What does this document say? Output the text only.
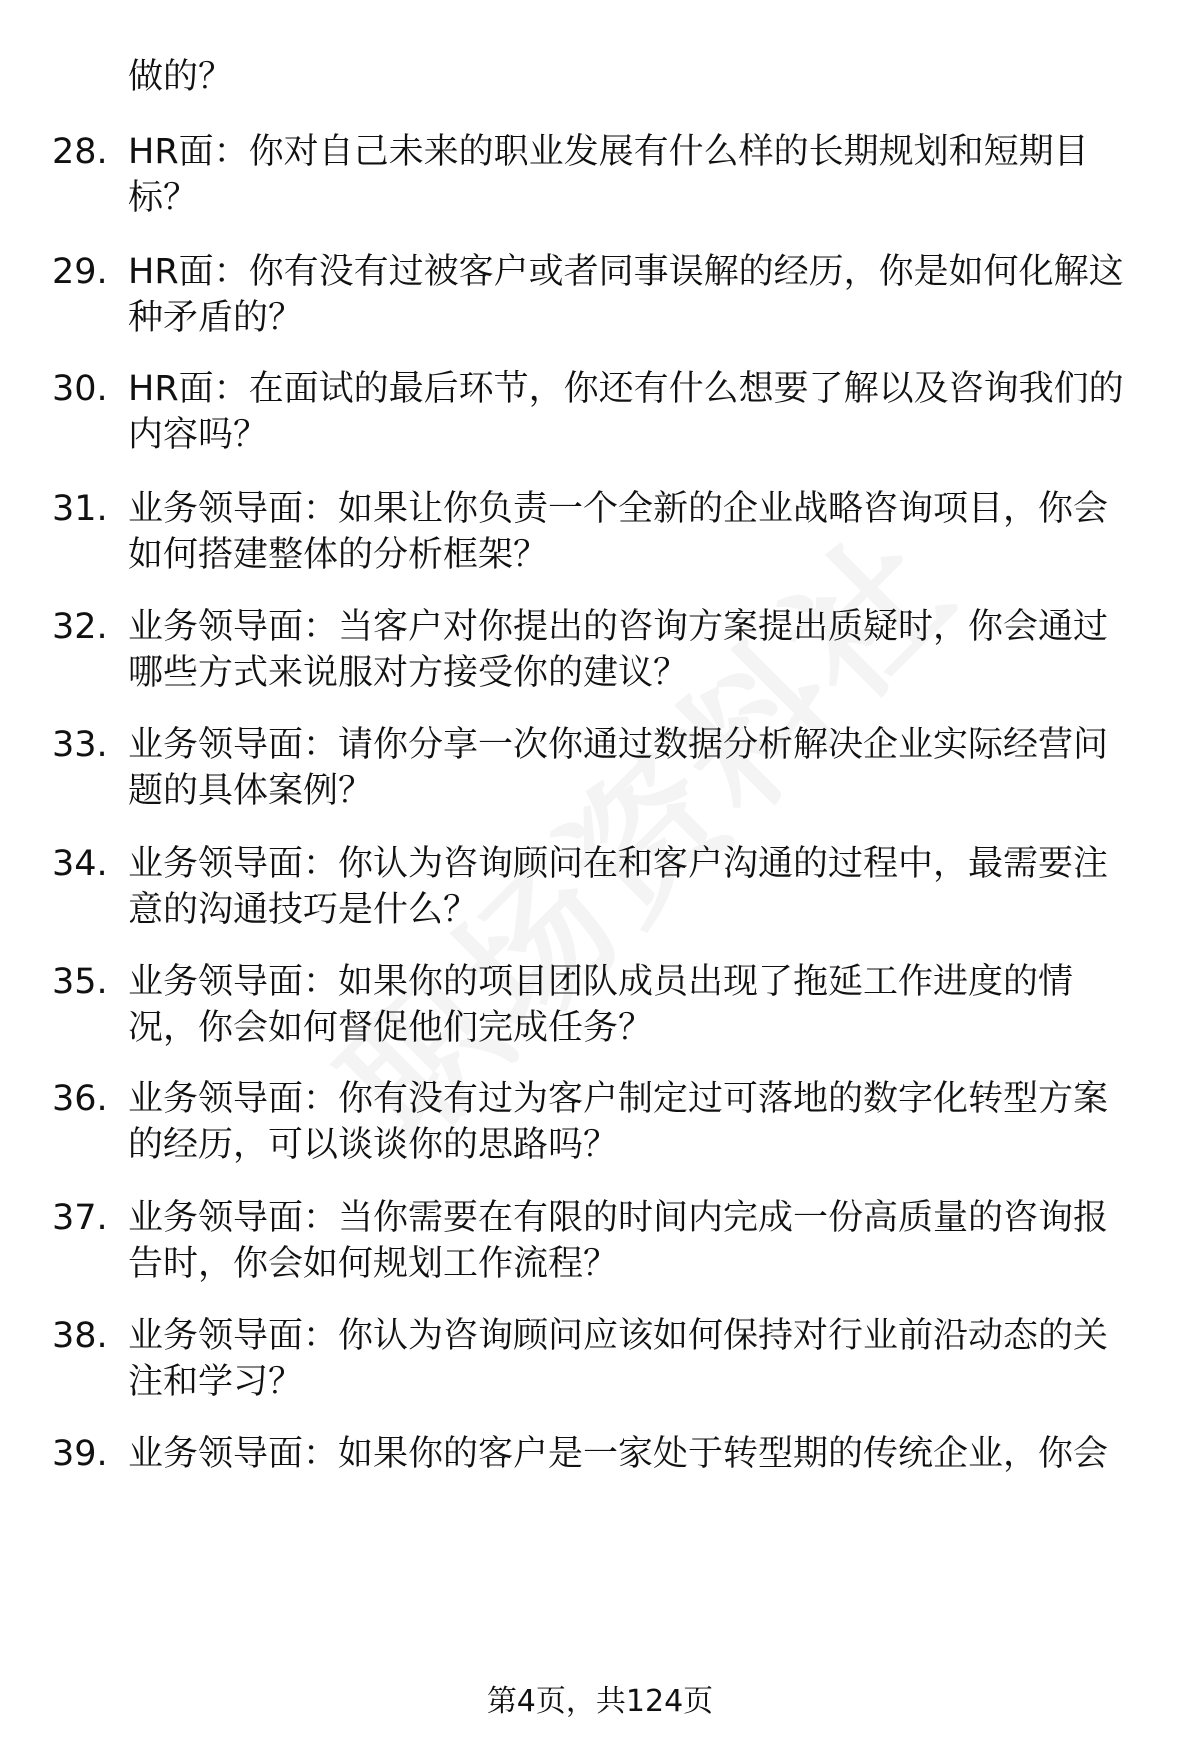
做的？
28. HR面：你对自己未来的职业发展有什么样的长期规划和短期目
标？
29. HR面：你有没有过被客户或者同事误解的经历，你是如何化解这
种矛盾的？
30. HR面：在面试的最后环节，你还有什么想要了解以及咨询我们的
内容吗？
31. 业务领导面：如果让你负责一个全新的企业战略咨询项目，你会
如何搭建整体的分析框架？
32. 业务领导面：当客户对你提出的咨询方案提出质疑时，你会通过
哪些方式来说服对方接受你的建议？
33. 业务领导面：请你分享一次你通过数据分析解决企业实际经营问
题的具体案例？
34. 业务领导面：你认为咨询顾问在和客户沟通的过程中，最需要注
意的沟通技巧是什么？
35. 业务领导面：如果你的项目团队成员出现了拖延工作进度的情
况，你会如何督促他们完成任务？
36. 业务领导面：你有没有过为客户制定过可落地的数字化转型方案
的经历，可以谈谈你的思路吗？
37. 业务领导面：当你需要在有限的时间内完成一份高质量的咨询报
告时，你会如何规划工作流程？
38. 业务领导面：你认为咨询顾问应该如何保持对行业前沿动态的关
注和学习？
39. 业务领导面：如果你的客户是一家处于转型期的传统企业，你会
第4页，共124页
